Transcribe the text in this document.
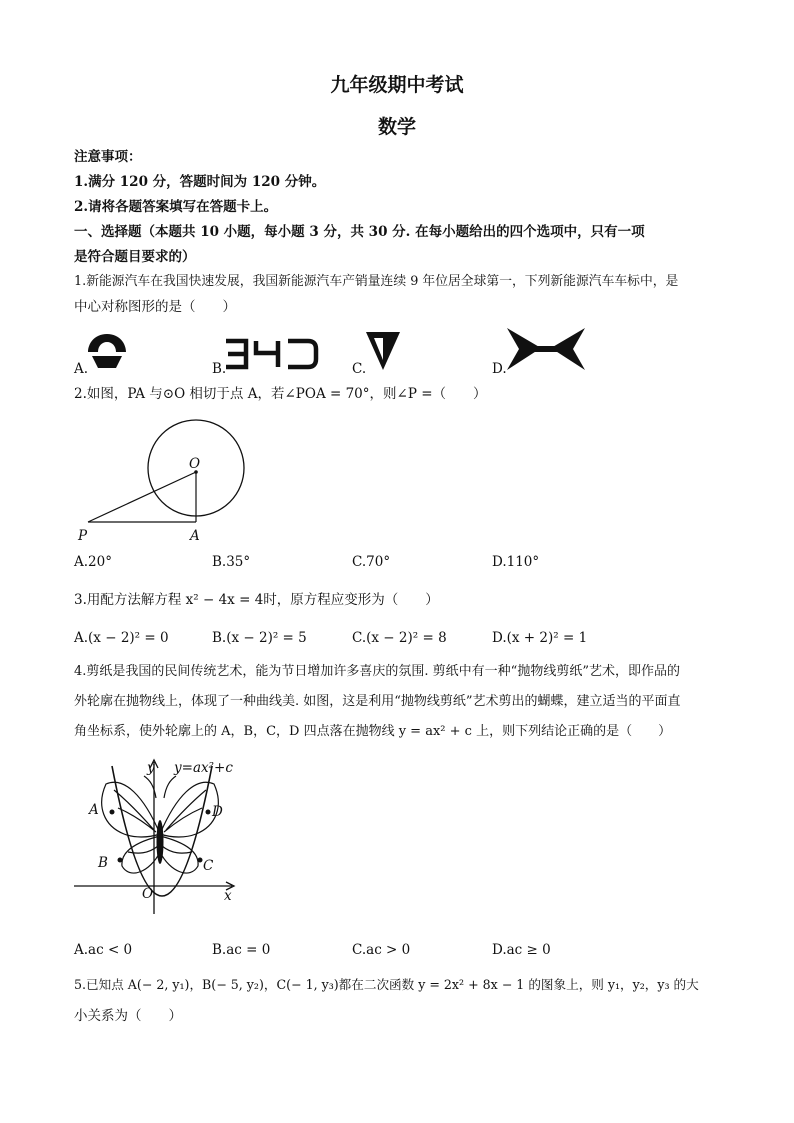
九年级期中考试
数学
注意事项：
1.满分 120 分，答题时间为 120 分钟。
2.请将各题答案填写在答题卡上。
一、选择题（本题共 10 小题，每小题 3 分，共 30 分. 在每小题给出的四个选项中，只有一项
是符合题目要求的）
1.新能源汽车在我国快速发展，我国新能源汽车产销量连续 9 年位居全球第一，下列新能源汽车车标中，是
中心对称图形的是（　　）
A.	B.	C.	D.
2.如图，PA 与⊙O 相切于点 A，若∠POA = 70°，则∠P =（　　）
O
P	A
A.20°	B.35°	C.70°	D.110°
3.用配方法解方程 x² − 4x = 4时，原方程应变形为（　　）
A.(x − 2)² = 0	B.(x − 2)² = 5	C.(x − 2)² = 8	D.(x + 2)² = 1
4.剪纸是我国的民间传统艺术，能为节日增加许多喜庆的氛围. 剪纸中有一种“抛物线剪纸”艺术，即作品的
外轮廓在抛物线上，体现了一种曲线美. 如图，这是利用“抛物线剪纸”艺术剪出的蝴蝶，建立适当的平面直
角坐标系，使外轮廓上的 A，B，C，D 四点落在抛物线 y = ax² + c 上，则下列结论正确的是（　　）
y y=ax²+c
A	D
B	C
O	x
A.ac < 0	B.ac = 0	C.ac > 0	D.ac ≥ 0
5.已知点 A(− 2, y₁)，B(− 5, y₂)，C(− 1, y₃)都在二次函数 y = 2x² + 8x − 1 的图象上，则 y₁，y₂，y₃ 的大
小关系为（　　）
